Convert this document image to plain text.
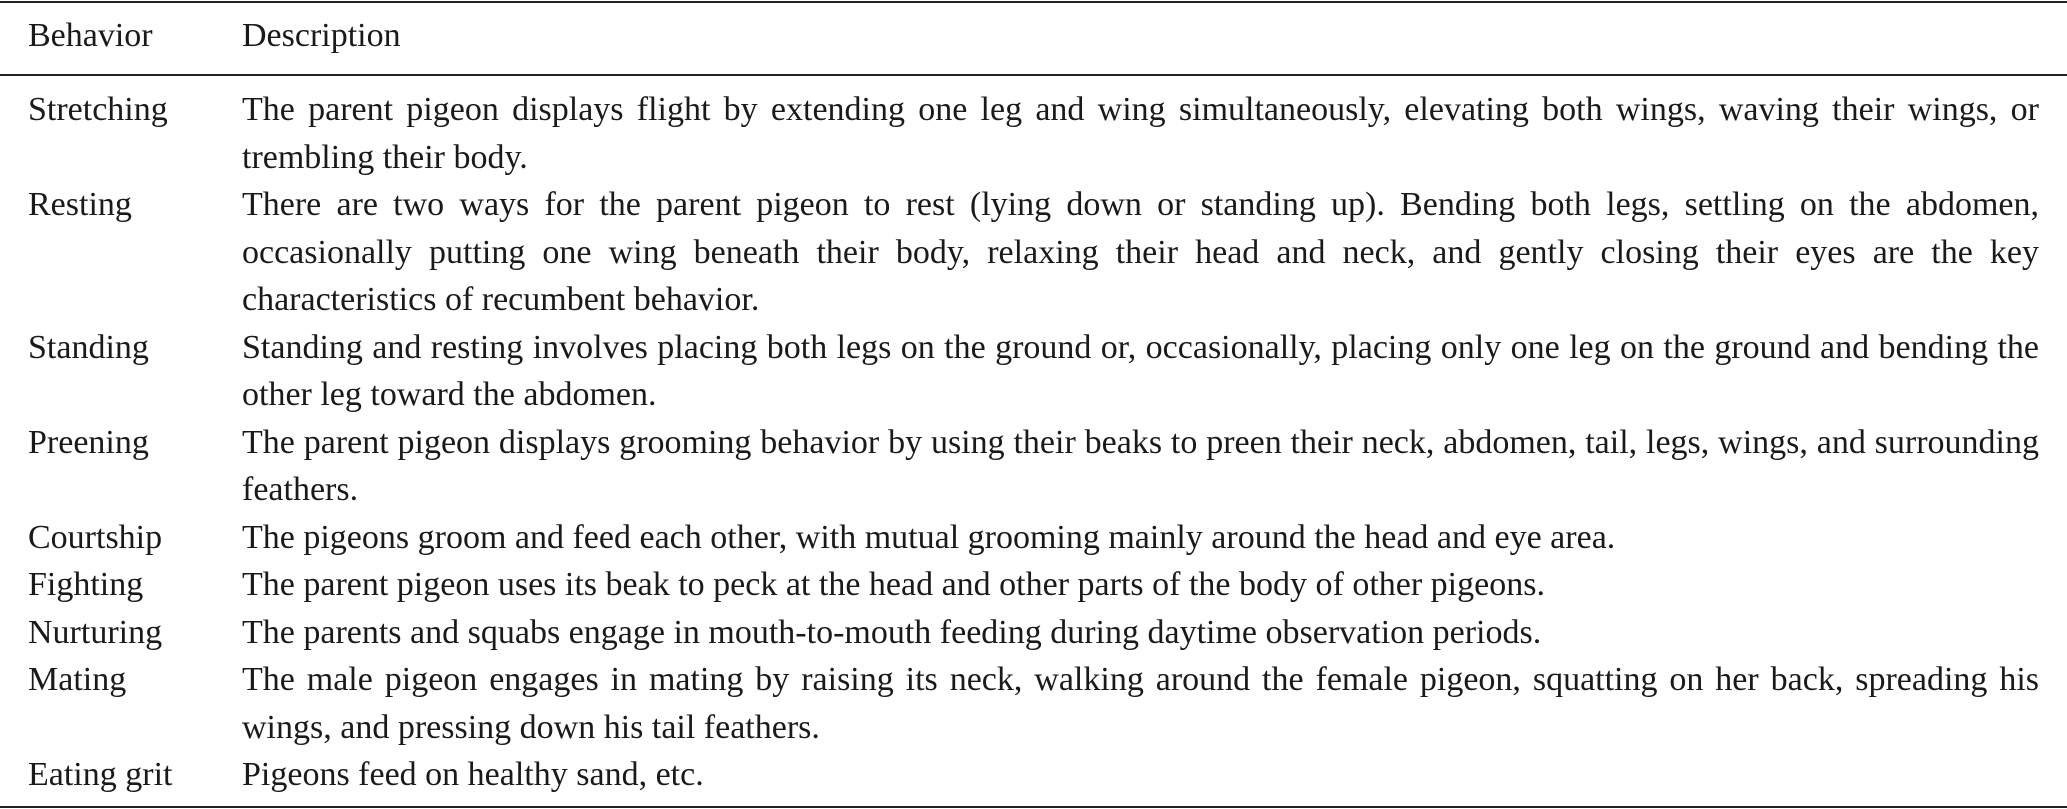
Behavior	Description
Stretching The parent pigeon displays flight by extending one leg and wing simultaneously, elevating both wings, waving their wings, or trembling their body.
Resting	There are two ways for the parent pigeon to rest (lying down or standing up). Bending both legs, settling on the abdomen, occasionally putting one wing beneath their body, relaxing their head and neck, and gently closing their eyes are the key characteristics of recumbent behavior.
Standing	Standing and resting involves placing both legs on the ground or, occasionally, placing only one leg on the ground and bending the other leg toward the abdomen.
Preening	The parent pigeon displays grooming behavior by using their beaks to preen their neck, abdomen, tail, legs, wings, and surrounding feathers.
Courtship The pigeons groom and feed each other, with mutual grooming mainly around the head and eye area.
Fighting	The parent pigeon uses its beak to peck at the head and other parts of the body of other pigeons.
Nurturing The parents and squabs engage in mouth-to-mouth feeding during daytime observation periods.
Mating	The male pigeon engages in mating by raising its neck, walking around the female pigeon, squatting on her back, spreading his wings, and pressing down his tail feathers.
Eating grit Pigeons feed on healthy sand, etc.
